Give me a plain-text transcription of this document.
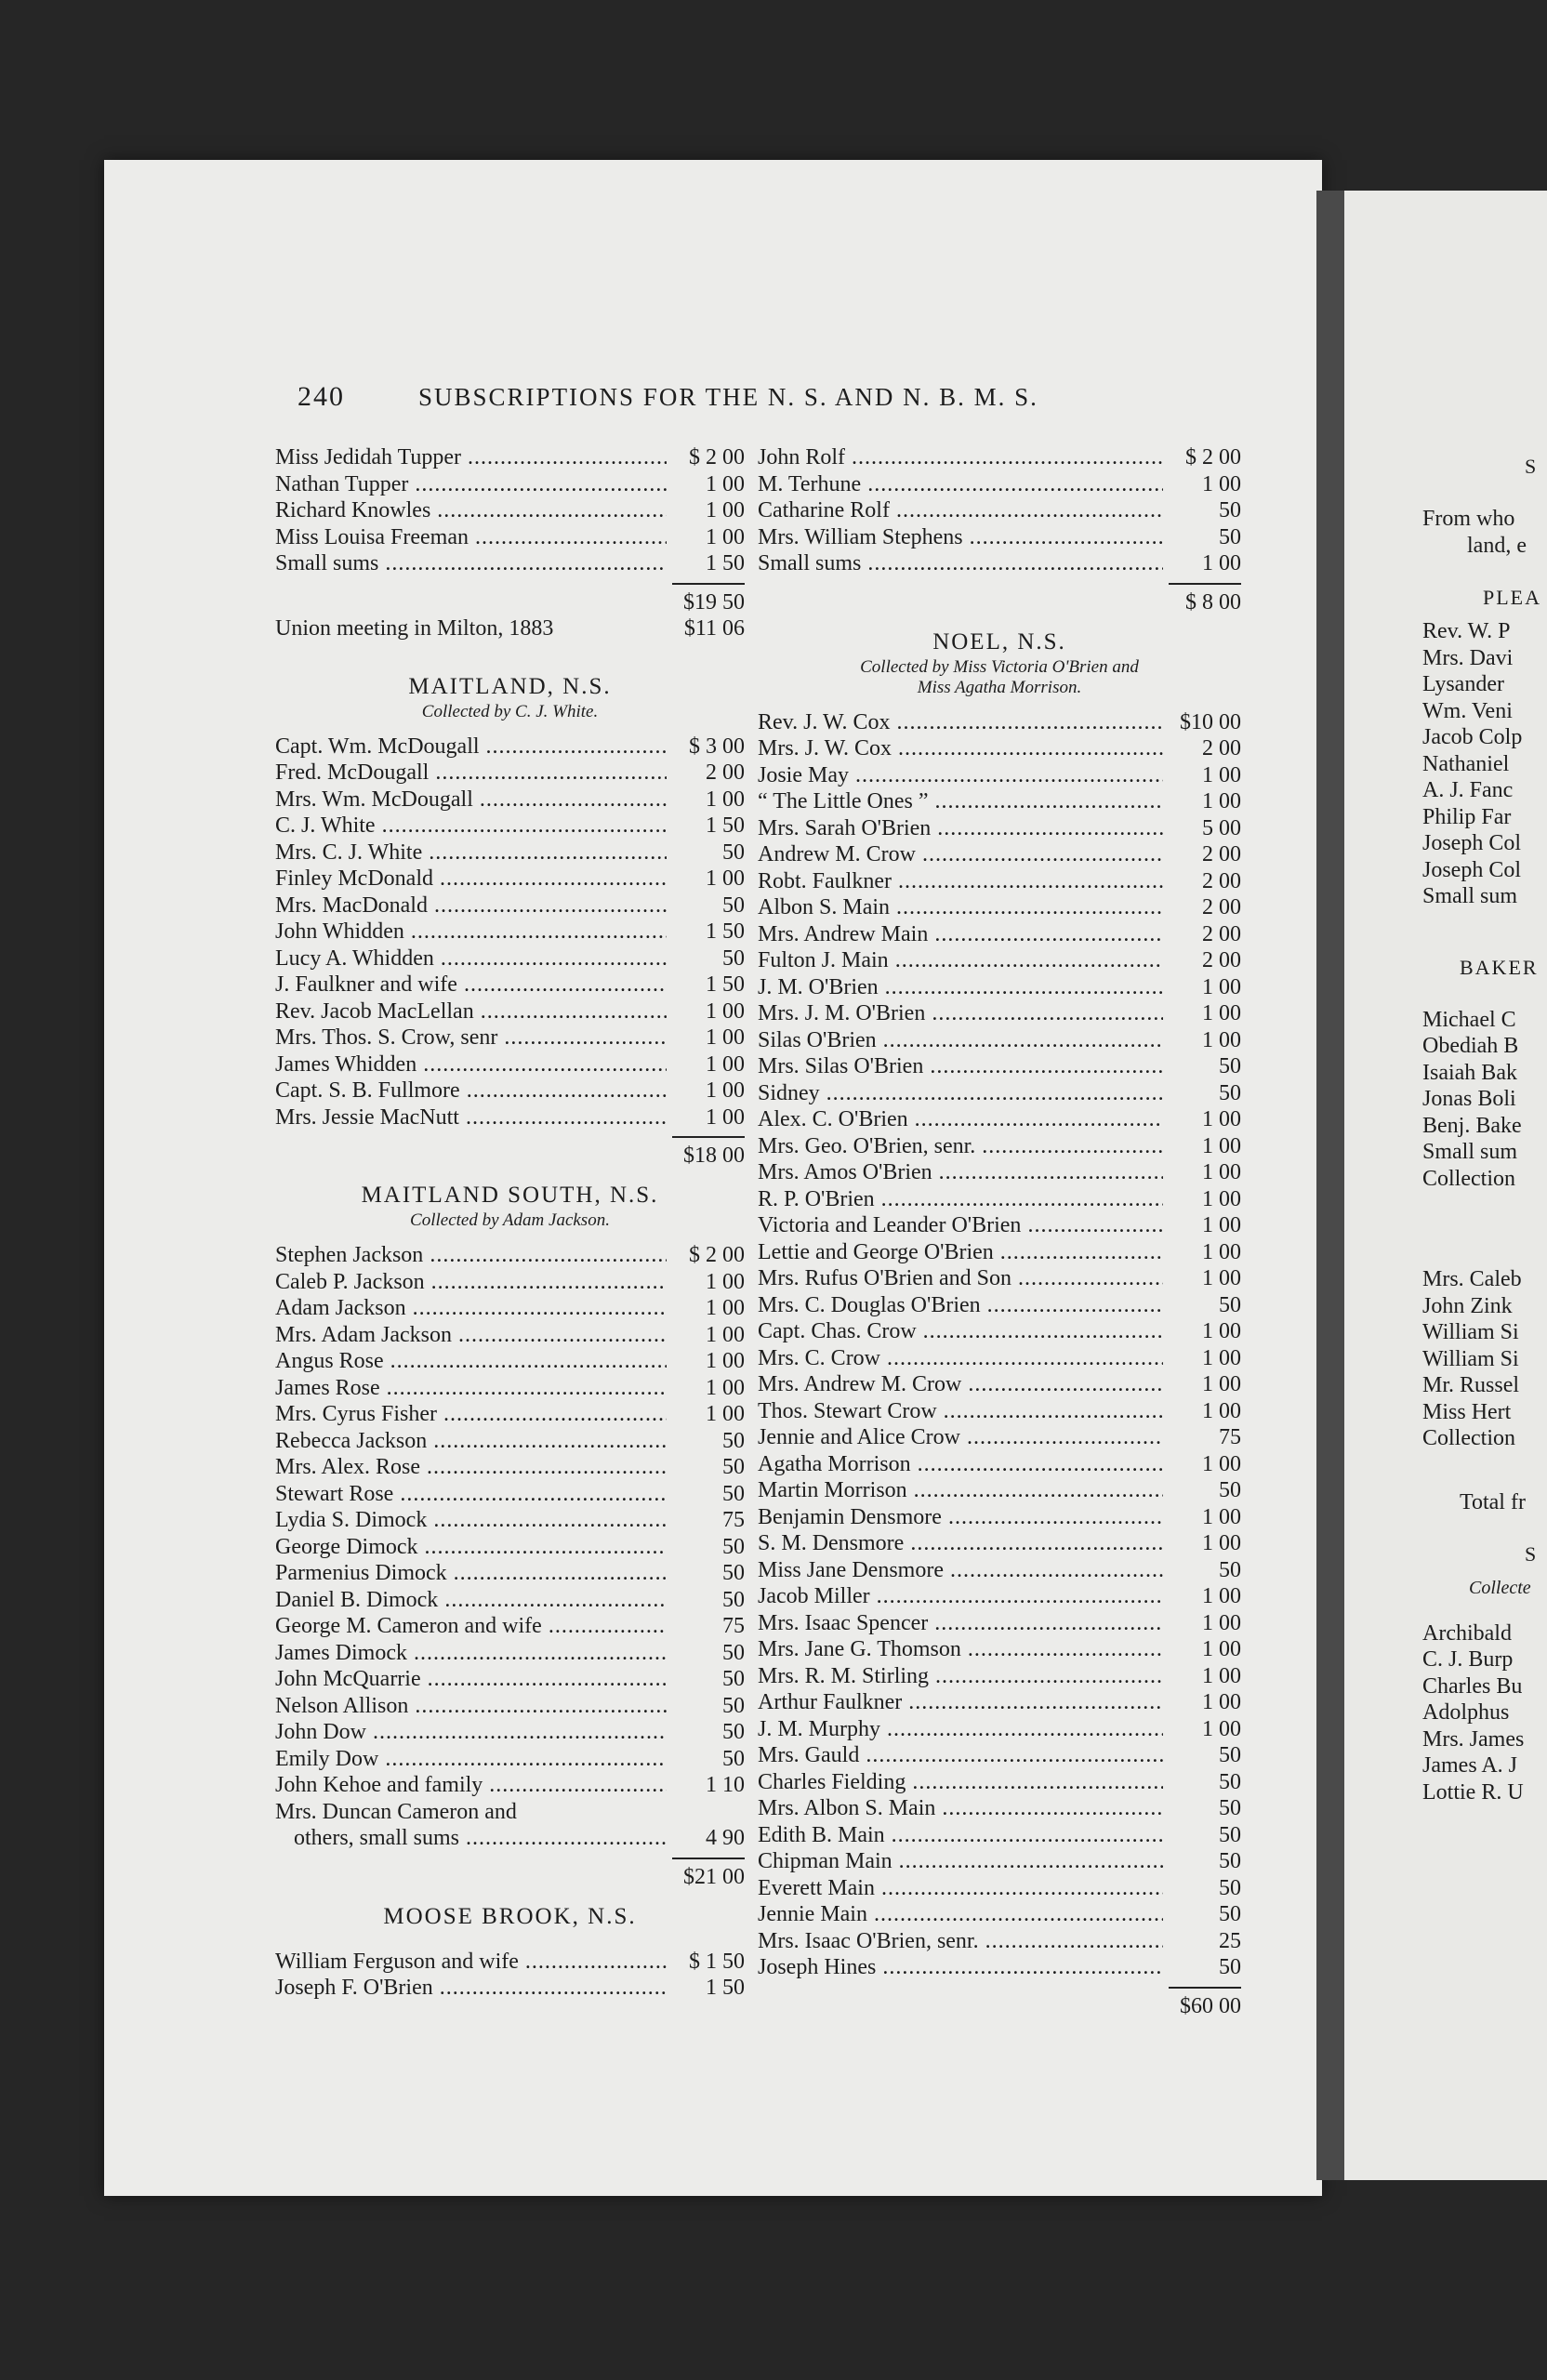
240	SUBSCRIPTIONS FOR THE N. S. AND N. B. M. S.
Miss Jedidah Tupper .....	$ 2 00
Nathan Tupper .....	1 00
Richard Knowles .....	1 00
Miss Louisa Freeman .....	1 00
Small sums .....	1 50
$19 50
Union meeting in Milton, 1883	$11 06
MAITLAND, N.S.
Collected by C. J. White.
Capt. Wm. McDougall .....	$ 3 00
Fred. McDougall .....	2 00
Mrs. Wm. McDougall .....	1 00
C. J. White .....	1 50
Mrs. C. J. White .....	50
Finley McDonald .....	1 00
Mrs. MacDonald .....	50
John Whidden .....	1 50
Lucy A. Whidden .....	50
J. Faulkner and wife .....	1 50
Rev. Jacob MacLellan .....	1 00
Mrs. Thos. S. Crow, senr .....	1 00
James Whidden .....	1 00
Capt. S. B. Fullmore .....	1 00
Mrs. Jessie MacNutt .....	1 00
$18 00
MAITLAND SOUTH, N.S.
Collected by Adam Jackson.
Stephen Jackson .....	$ 2 00
Caleb P. Jackson .....	1 00
Adam Jackson .....	1 00
Mrs. Adam Jackson .....	1 00
Angus Rose .....	1 00
James Rose .....	1 00
Mrs. Cyrus Fisher .....	1 00
Rebecca Jackson .....	50
Mrs. Alex. Rose .....	50
Stewart Rose .....	50
Lydia S. Dimock .....	75
George Dimock .....	50
Parmenius Dimock .....	50
Daniel B. Dimock .....	50
George M. Cameron and wife .....	75
James Dimock .....	50
John McQuarrie .....	50
Nelson Allison .....	50
John Dow .....	50
Emily Dow .....	50
John Kehoe and family .....	1 10
Mrs. Duncan Cameron and
others, small sums .....	4 90
$21 00
MOOSE BROOK, N.S.
William Ferguson and wife .....	$ 1 50
Joseph F. O'Brien .....	1 50
John Rolf .....	$ 2 00
M. Terhune .....	1 00
Catharine Rolf .....	50
Mrs. William Stephens .....	50
Small sums .....	1 00
$ 8 00
NOEL, N.S.
Collected by Miss Victoria O'Brien and
Miss Agatha Morrison.
Rev. J. W. Cox .....	$10 00
Mrs. J. W. Cox .....	2 00
Josie May .....	1 00
“ The Little Ones ” .....	1 00
Mrs. Sarah O'Brien .....	5 00
Andrew M. Crow .....	2 00
Robt. Faulkner .....	2 00
Albon S. Main .....	2 00
Mrs. Andrew Main .....	2 00
Fulton J. Main .....	2 00
J. M. O'Brien .....	1 00
Mrs. J. M. O'Brien .....	1 00
Silas O'Brien .....	1 00
Mrs. Silas O'Brien .....	50
Sidney .....	50
Alex. C. O'Brien .....	1 00
Mrs. Geo. O'Brien, senr. .....	1 00
Mrs. Amos O'Brien .....	1 00
R. P. O'Brien .....	1 00
Victoria and Leander O'Brien .....	1 00
Lettie and George O'Brien .....	1 00
Mrs. Rufus O'Brien and Son .....	1 00
Mrs. C. Douglas O'Brien .....	50
Capt. Chas. Crow .....	1 00
Mrs. C. Crow .....	1 00
Mrs. Andrew M. Crow .....	1 00
Thos. Stewart Crow .....	1 00
Jennie and Alice Crow .....	75
Agatha Morrison .....	1 00
Martin Morrison .....	50
Benjamin Densmore .....	1 00
S. M. Densmore .....	1 00
Miss Jane Densmore .....	50
Jacob Miller .....	1 00
Mrs. Isaac Spencer .....	1 00
Mrs. Jane G. Thomson .....	1 00
Mrs. R. M. Stirling .....	1 00
Arthur Faulkner .....	1 00
J. M. Murphy .....	1 00
Mrs. Gauld .....	50
Charles Fielding .....	50
Mrs. Albon S. Main .....	50
Edith B. Main .....	50
Chipman Main .....	50
Everett Main .....	50
Jennie Main .....	50
Mrs. Isaac O'Brien, senr. .....	25
Joseph Hines .....	50
$60 00
S
From who
land, e
PLEA
Rev. W. P
Mrs. Davi
Lysander
Wm. Veni
Jacob Colp
Nathaniel
A. J. Fanc
Philip Far
Joseph Col
Joseph Col
Small sum
BAKER
Michael C
Obediah B
Isaiah Bak
Jonas Boli
Benj. Bake
Small sum
Collection
Mrs. Caleb
John Zink
William Si
William Si
Mr. Russel
Miss Hert
Collection
Total fr
S
Collecte
Archibald
C. J. Burp
Charles Bu
Adolphus
Mrs. James
James A. J
Lottie R. U
